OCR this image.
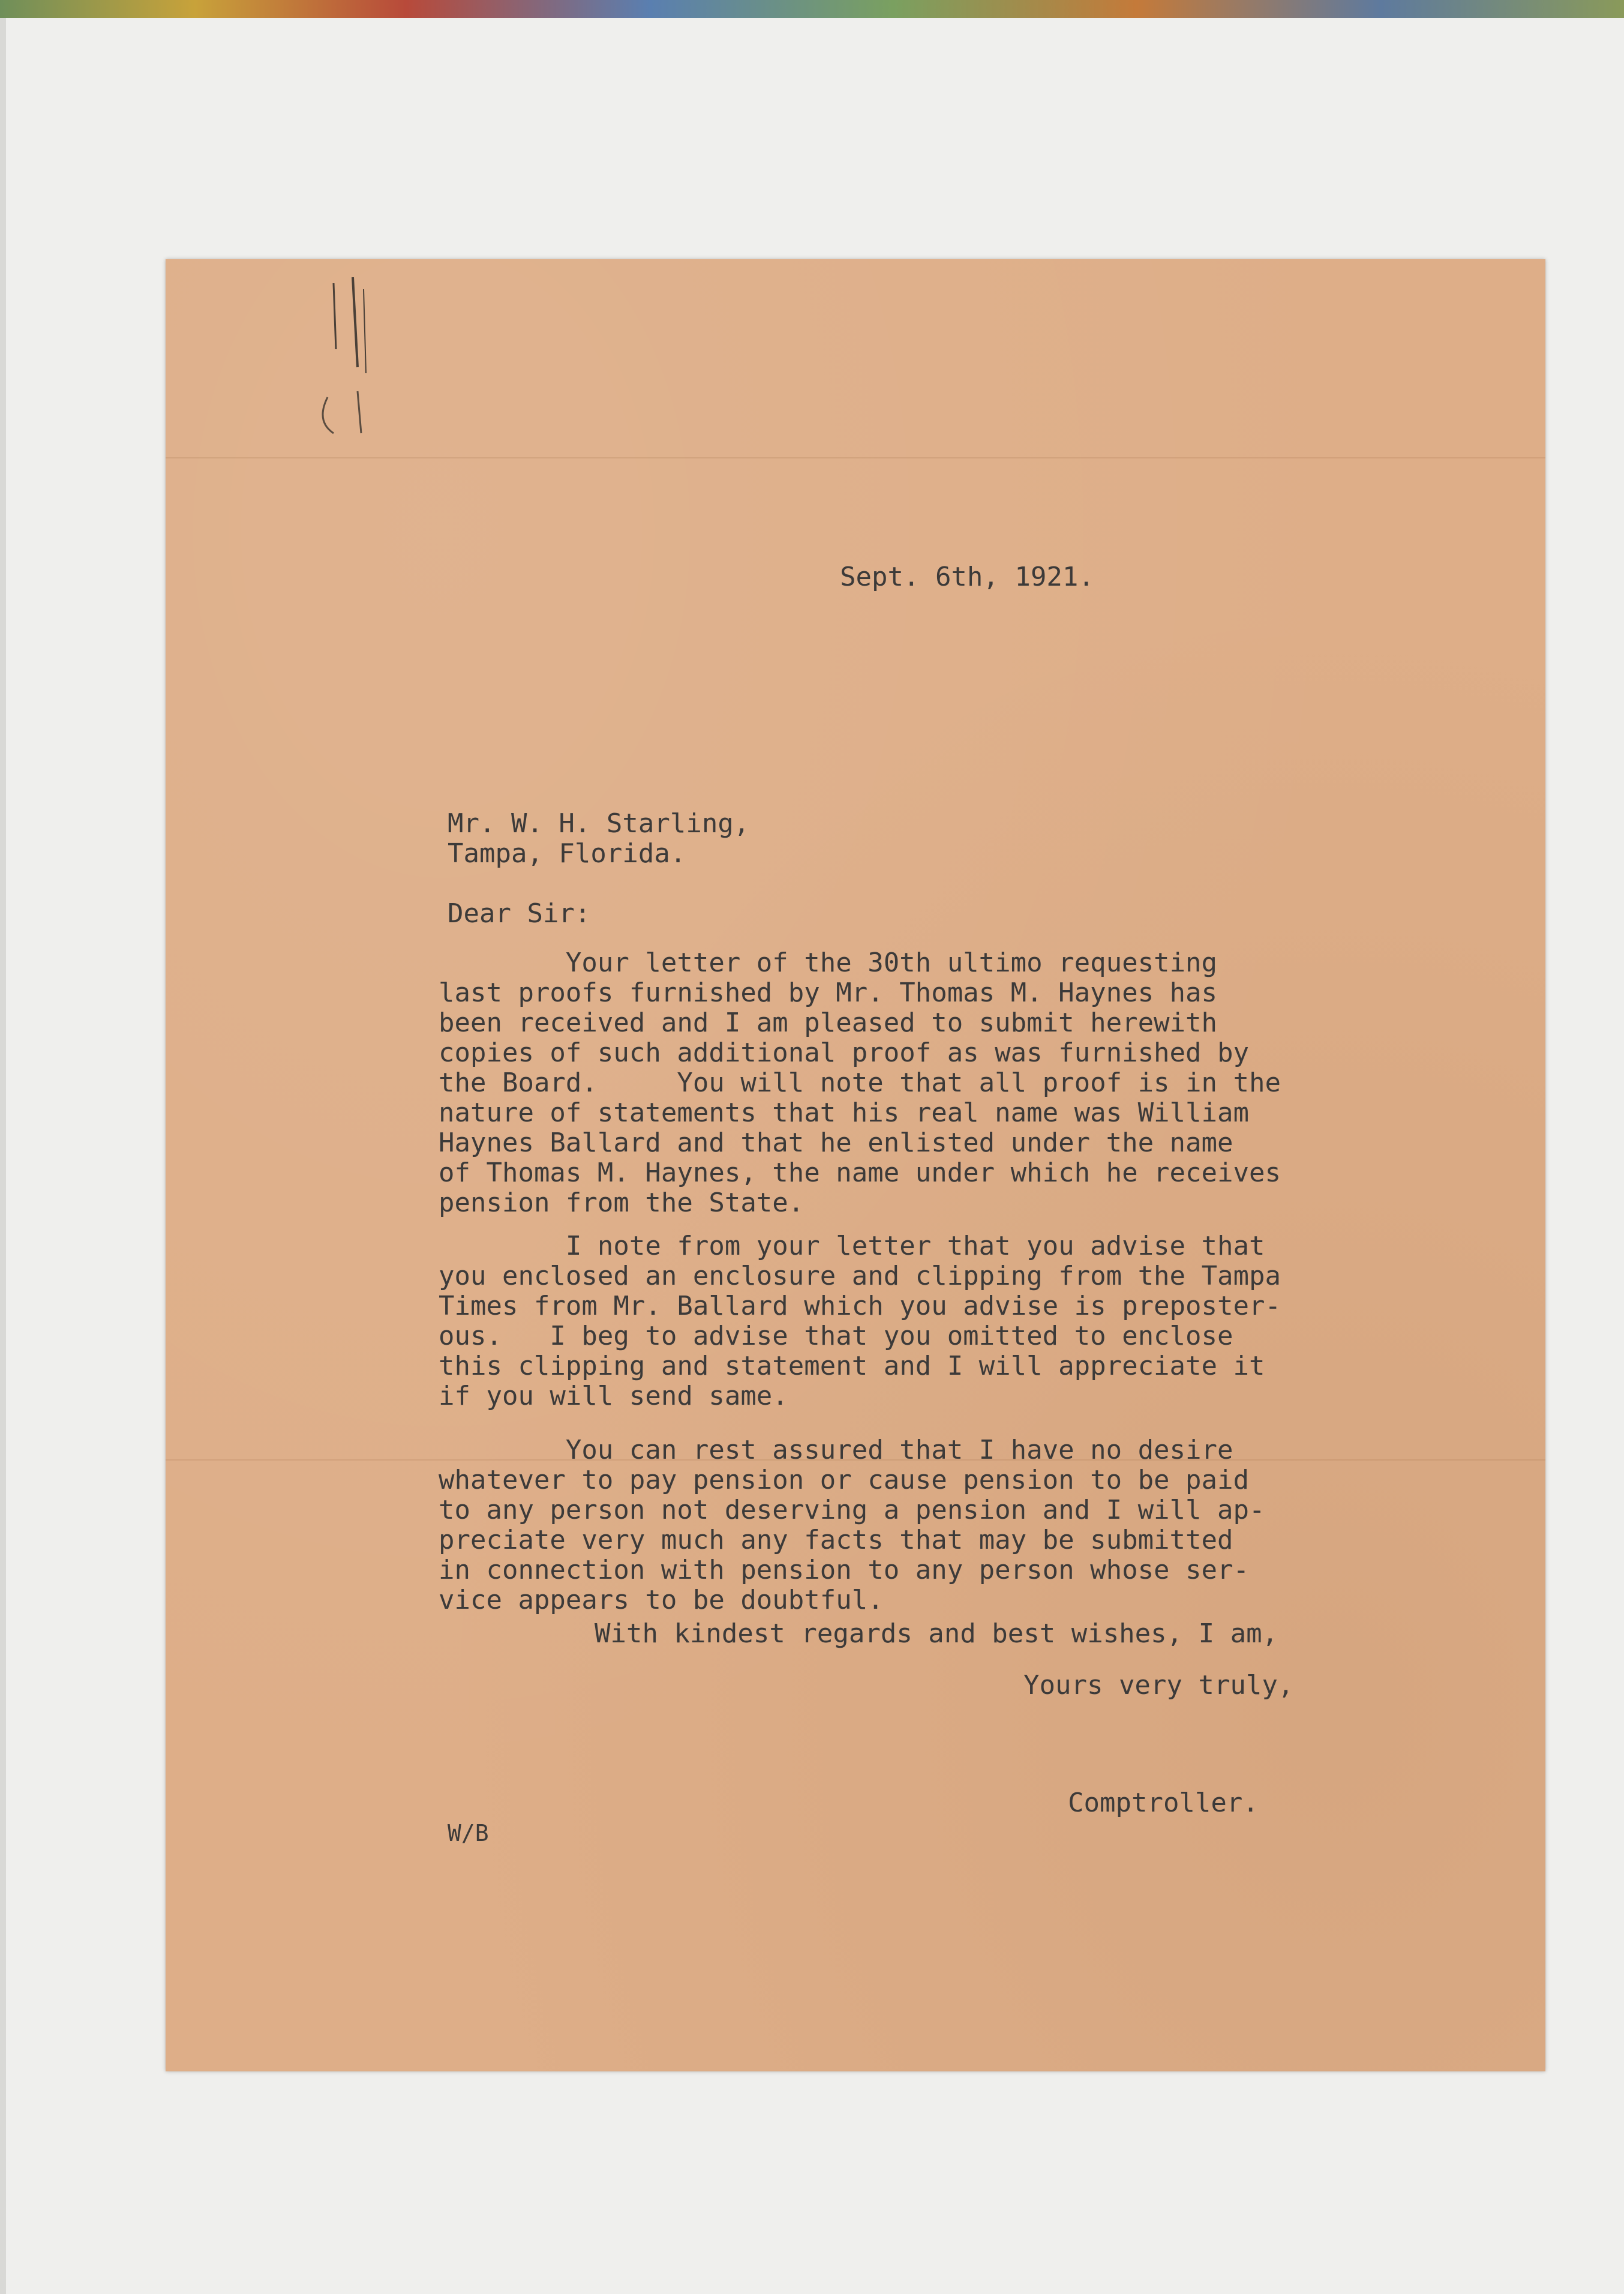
Sept. 6th, 1921.
Mr. W. H. Starling,
Tampa, Florida.
Dear Sir:
Your letter of the 30th ultimo requesting
last proofs furnished by Mr. Thomas M. Haynes has
been received and I am pleased to submit herewith
copies of such additional proof as was furnished by
the Board.     You will note that all proof is in the
nature of statements that his real name was William
Haynes Ballard and that he enlisted under the name
of Thomas M. Haynes, the name under which he receives
pension from the State.
I note from your letter that you advise that
you enclosed an enclosure and clipping from the Tampa
Times from Mr. Ballard which you advise is preposter-
ous.   I beg to advise that you omitted to enclose
this clipping and statement and I will appreciate it
if you will send same.
You can rest assured that I have no desire
whatever to pay pension or cause pension to be paid
to any person not deserving a pension and I will ap-
preciate very much any facts that may be submitted
in connection with pension to any person whose ser-
vice appears to be doubtful.
With kindest regards and best wishes, I am,
Yours very truly,
Comptroller.
W/B
